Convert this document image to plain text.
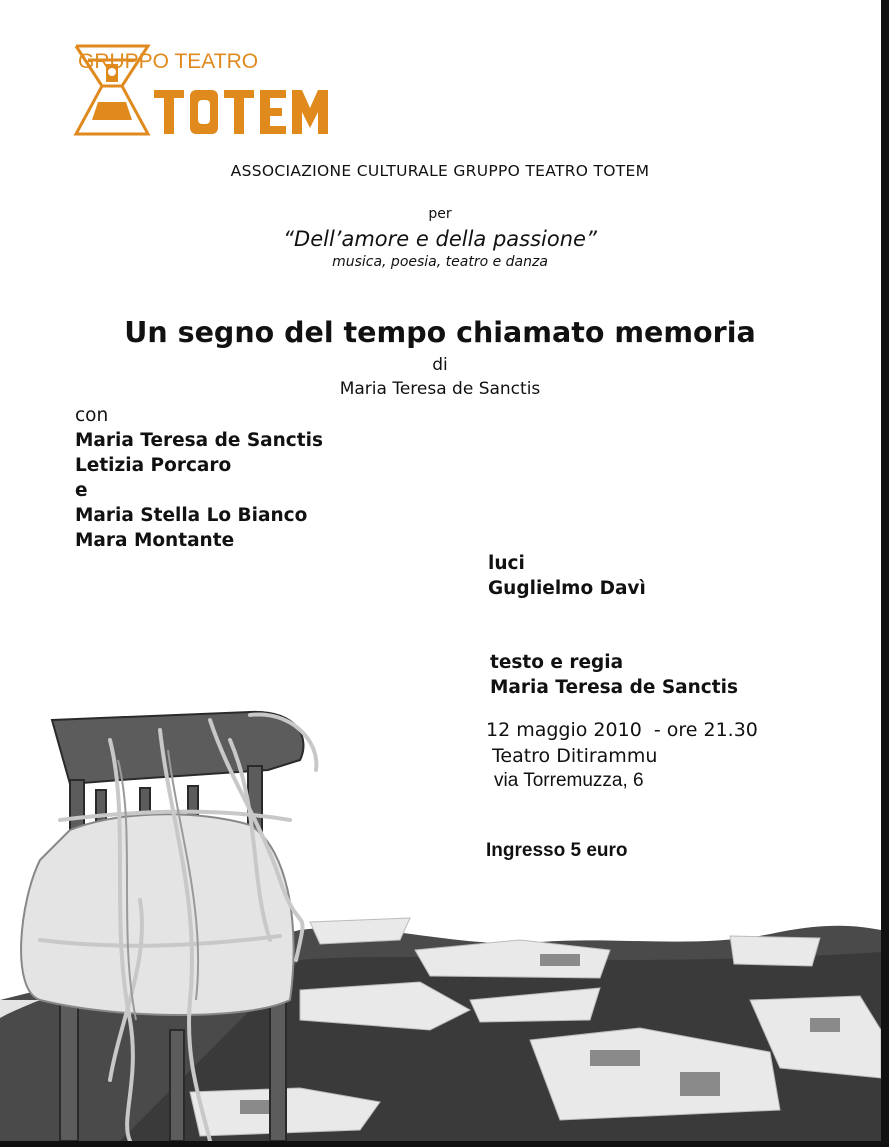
GRUPPO TEATRO
ASSOCIAZIONE CULTURALE GRUPPO TEATRO TOTEM
per
“Dell’amore e della passione”
musica, poesia, teatro e danza
Un segno del tempo chiamato memoria
di
Maria Teresa de Sanctis
con
Maria Teresa de Sanctis
Letizia Porcaro
e
Maria Stella Lo Bianco
Mara Montante
luci
Guglielmo Davì
testo e regia
Maria Teresa de Sanctis
12 maggio 2010  - ore 21.30
Teatro Ditirammu
via Torremuzza, 6
Ingresso 5 euro
